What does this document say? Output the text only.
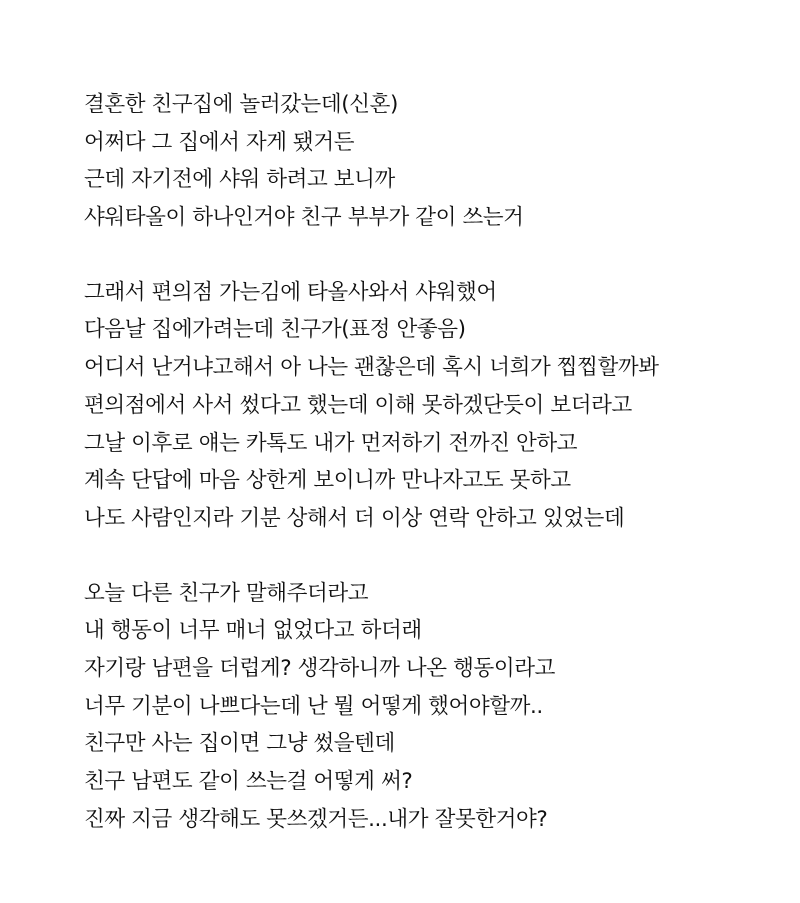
결혼한 친구집에 놀러갔는데(신혼)
어쩌다 그 집에서 자게 됐거든
근데 자기전에 샤워 하려고 보니까
샤워타올이 하나인거야 친구 부부가 같이 쓰는거
그래서 편의점 가는김에 타올사와서 샤워했어
다음날 집에가려는데 친구가(표정 안좋음)
어디서 난거냐고해서 아 나는 괜찮은데 혹시 너희가 찝찝할까봐
편의점에서 사서 썼다고 했는데 이해 못하겠단듯이 보더라고
그날 이후로 얘는 카톡도 내가 먼저하기 전까진 안하고
계속 단답에 마음 상한게 보이니까 만나자고도 못하고
나도 사람인지라 기분 상해서 더 이상 연락 안하고 있었는데
오늘 다른 친구가 말해주더라고
내 행동이 너무 매너 없었다고 하더래
자기랑 남편을 더럽게? 생각하니까 나온 행동이라고
너무 기분이 나쁘다는데 난 뭘 어떻게 했어야할까..
친구만 사는 집이면 그냥 썼을텐데
친구 남편도 같이 쓰는걸 어떻게 써?
진짜 지금 생각해도 못쓰겠거든...내가 잘못한거야?
